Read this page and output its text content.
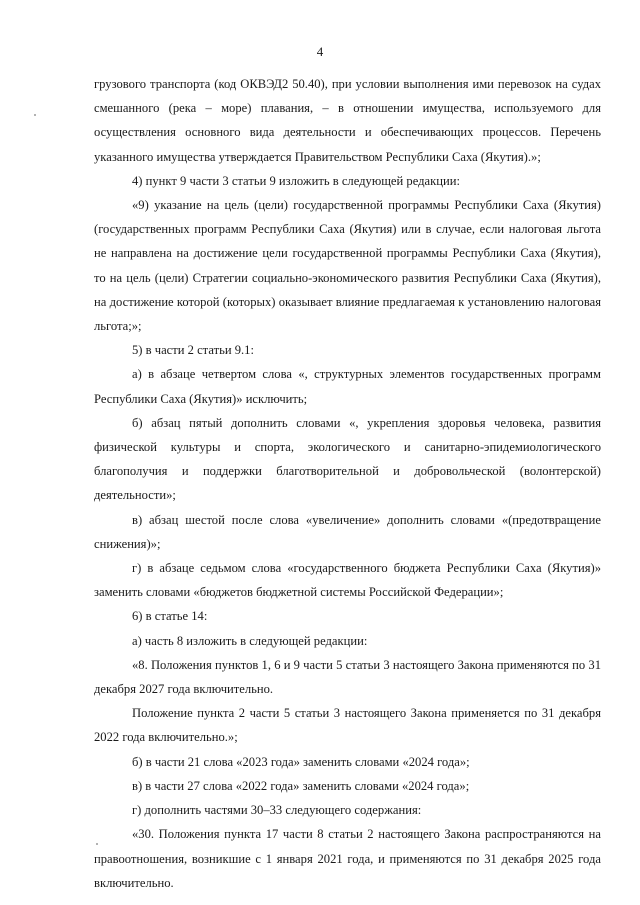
4

грузового транспорта (код ОКВЭД2 50.40), при условии выполнения ими перевозок на судах смешанного (река – море) плавания, – в отношении имущества, используемого для осуществления основного вида деятельности и обеспечивающих процессов. Перечень указанного имущества утверждается Правительством Республики Саха (Якутия).»;

4) пункт 9 части 3 статьи 9 изложить в следующей редакции:

«9) указание на цель (цели) государственной программы Республики Саха (Якутия) (государственных программ Республики Саха (Якутия) или в случае, если налоговая льгота не направлена на достижение цели государственной программы Республики Саха (Якутия), то на цель (цели) Стратегии социально-экономического развития Республики Саха (Якутия), на достижение которой (которых) оказывает влияние предлагаемая к установлению налоговая льгота;»;

5) в части 2 статьи 9.1:

а) в абзаце четвертом слова «, структурных элементов государственных программ Республики Саха (Якутия)» исключить;

б) абзац пятый дополнить словами «, укрепления здоровья человека, развития физической культуры и спорта, экологического и санитарно-эпидемиологического благополучия и поддержки благотворительной и добровольческой (волонтерской) деятельности»;

в) абзац шестой после слова «увеличение» дополнить словами «(предотвращение снижения)»;

г) в абзаце седьмом слова «государственного бюджета Республики Саха (Якутия)» заменить словами «бюджетов бюджетной системы Российской Федерации»;

6) в статье 14:

а) часть 8 изложить в следующей редакции:

«8. Положения пунктов 1, 6 и 9 части 5 статьи 3 настоящего Закона применяются по 31 декабря 2027 года включительно.

Положение пункта 2 части 5 статьи 3 настоящего Закона применяется по 31 декабря 2022 года включительно.»;

б) в части 21 слова «2023 года» заменить словами «2024 года»;

в) в части 27 слова «2022 года» заменить словами «2024 года»;

г) дополнить частями 30–33 следующего содержания:

«30. Положения пункта 17 части 8 статьи 2 настоящего Закона распространяются на правоотношения, возникшие с 1 января 2021 года, и применяются по 31 декабря 2025 года включительно.
